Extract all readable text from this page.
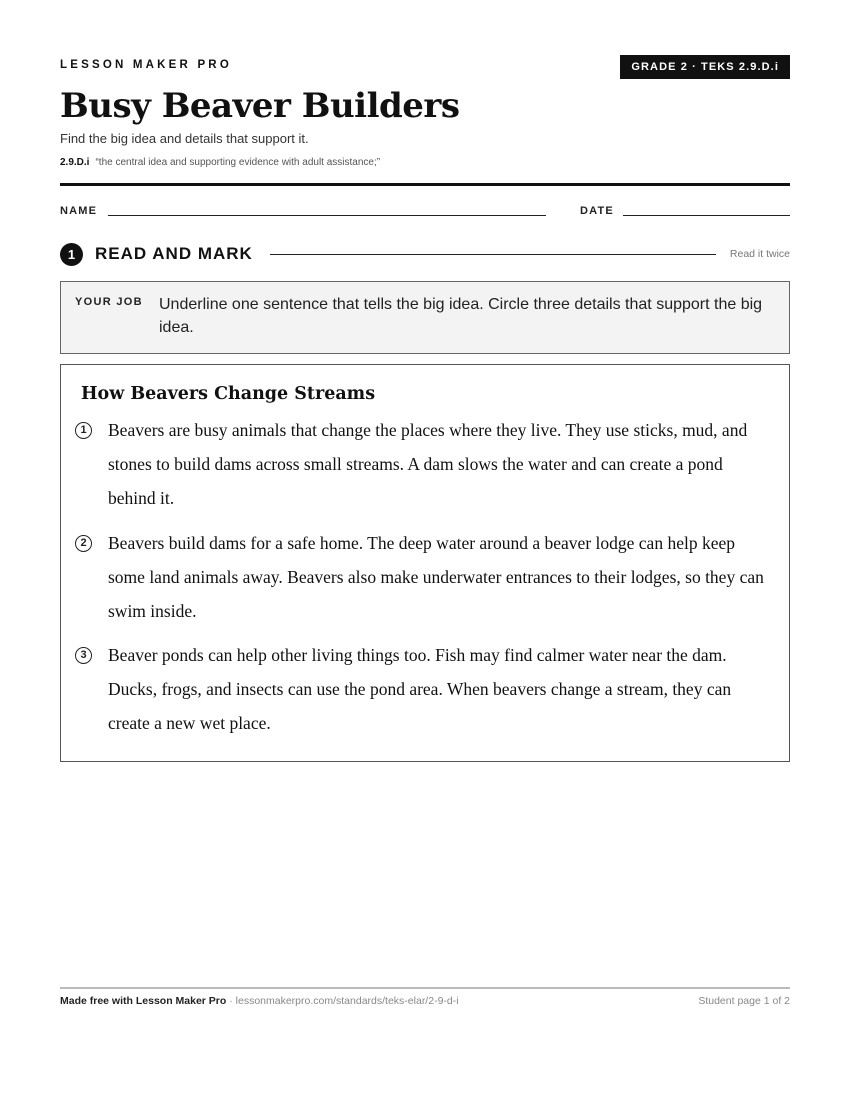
LESSON MAKER PRO	GRADE 2 · TEKS 2.9.D.i
Busy Beaver Builders
Find the big idea and details that support it.
2.9.D.i “the central idea and supporting evidence with adult assistance;”
NAME	DATE
1	READ AND MARK	Read it twice
YOUR JOB Underline one sentence that tells the big idea. Circle three details that support the big idea.
How Beavers Change Streams
1	Beavers are busy animals that change the places where they live. They use sticks, mud, and stones to build dams across small streams. A dam slows the water and can create a pond behind it.
2	Beavers build dams for a safe home. The deep water around a beaver lodge can help keep some land animals away. Beavers also make underwater entrances to their lodges, so they can swim inside.
3	Beaver ponds can help other living things too. Fish may find calmer water near the dam. Ducks, frogs, and insects can use the pond area. When beavers change a stream, they can create a new wet place.
Made free with Lesson Maker Pro · lessonmakerpro.com/standards/teks-elar/2-9-d-i	Student page 1 of 2
